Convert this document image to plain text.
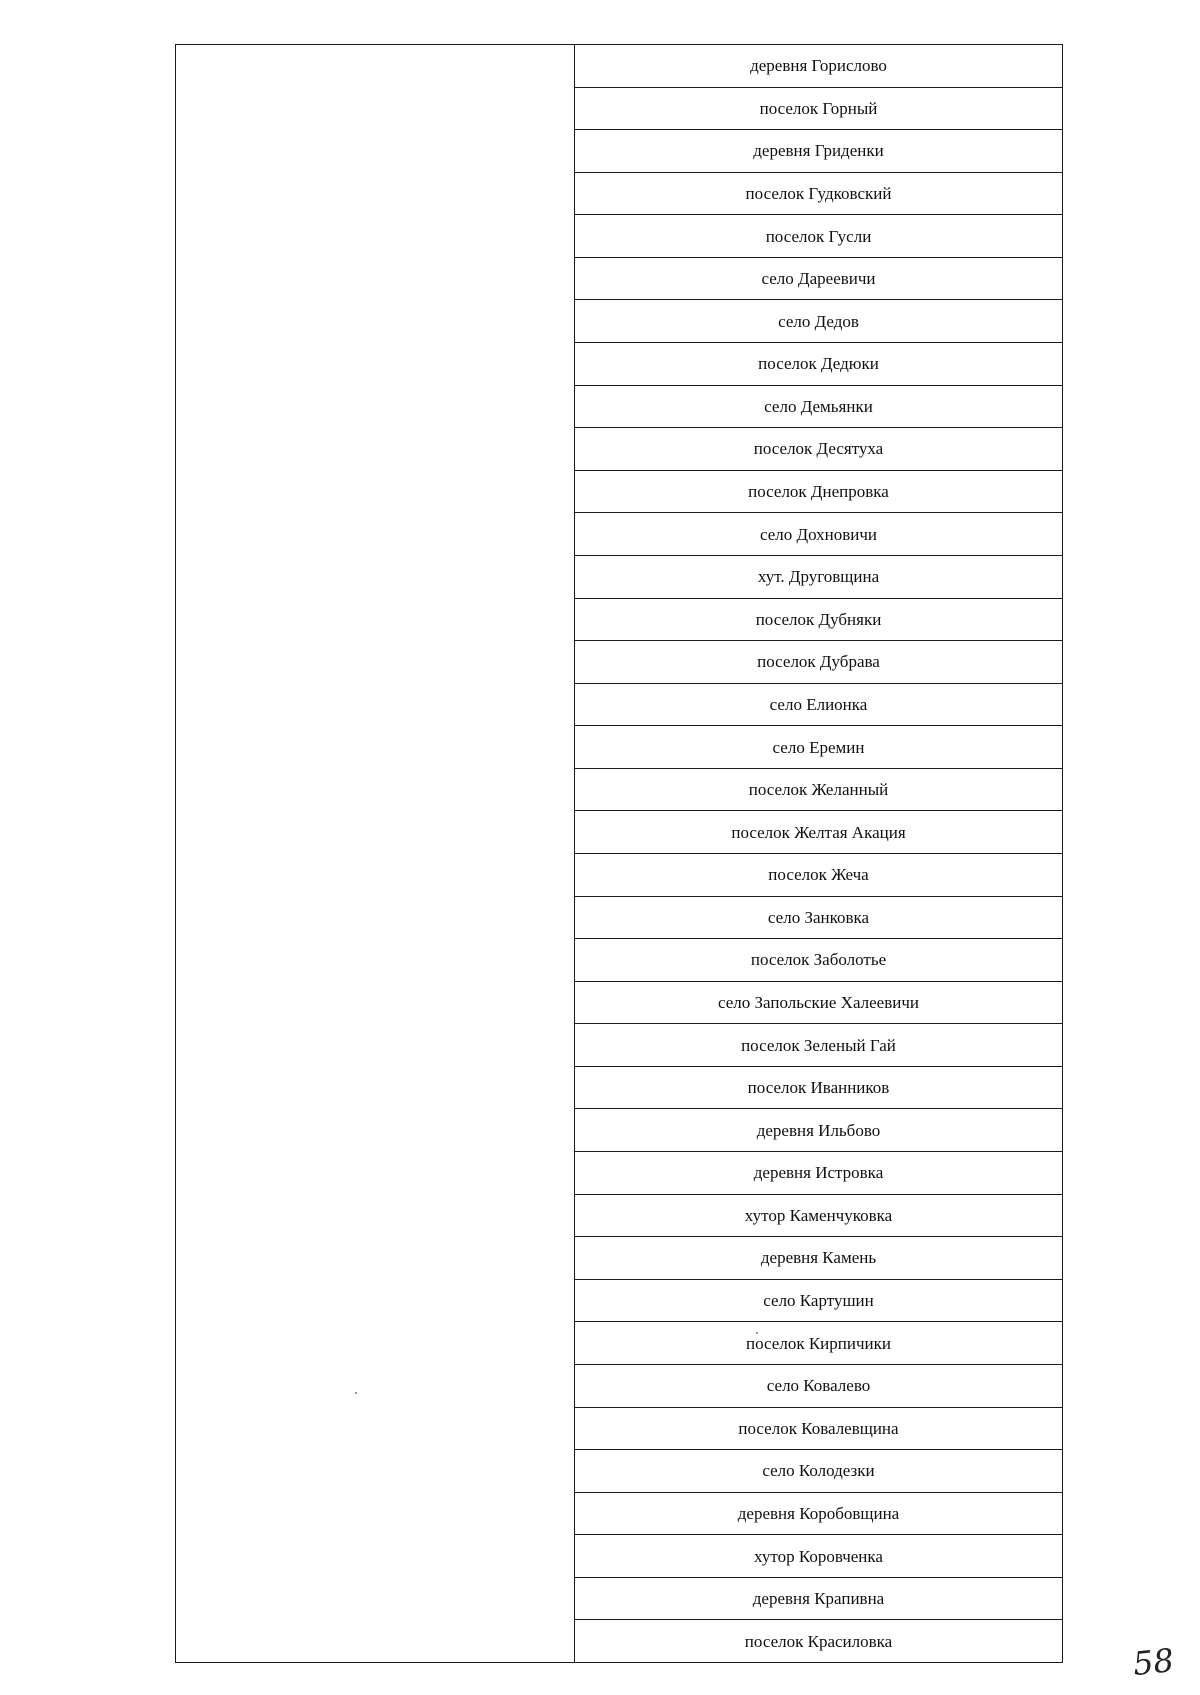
деревня Горислово
поселок Горный
деревня Гриденки
поселок Гудковский
поселок Гусли
село Дареевичи
село Дедов
поселок Дедюки
село Демьянки
поселок Десятуха
поселок Днепровка
село Дохновичи
хут. Друговщина
поселок Дубняки
поселок Дубрава
село Елионка
село Еремин
поселок Желанный
поселок Желтая Акация
поселок Жеча
село Занковка
поселок Заболотье
село Запольские Халеевичи
поселок Зеленый Гай
поселок Иванников
деревня Ильбово
деревня Истровка
хутор Каменчуковка
деревня Камень
село Картушин
поселок Кирпичики
село Ковалево
поселок Ковалевщина
село Колодезки
деревня Коробовщина
хутор Коровченка
деревня Крапивна
поселок Красиловка	58
